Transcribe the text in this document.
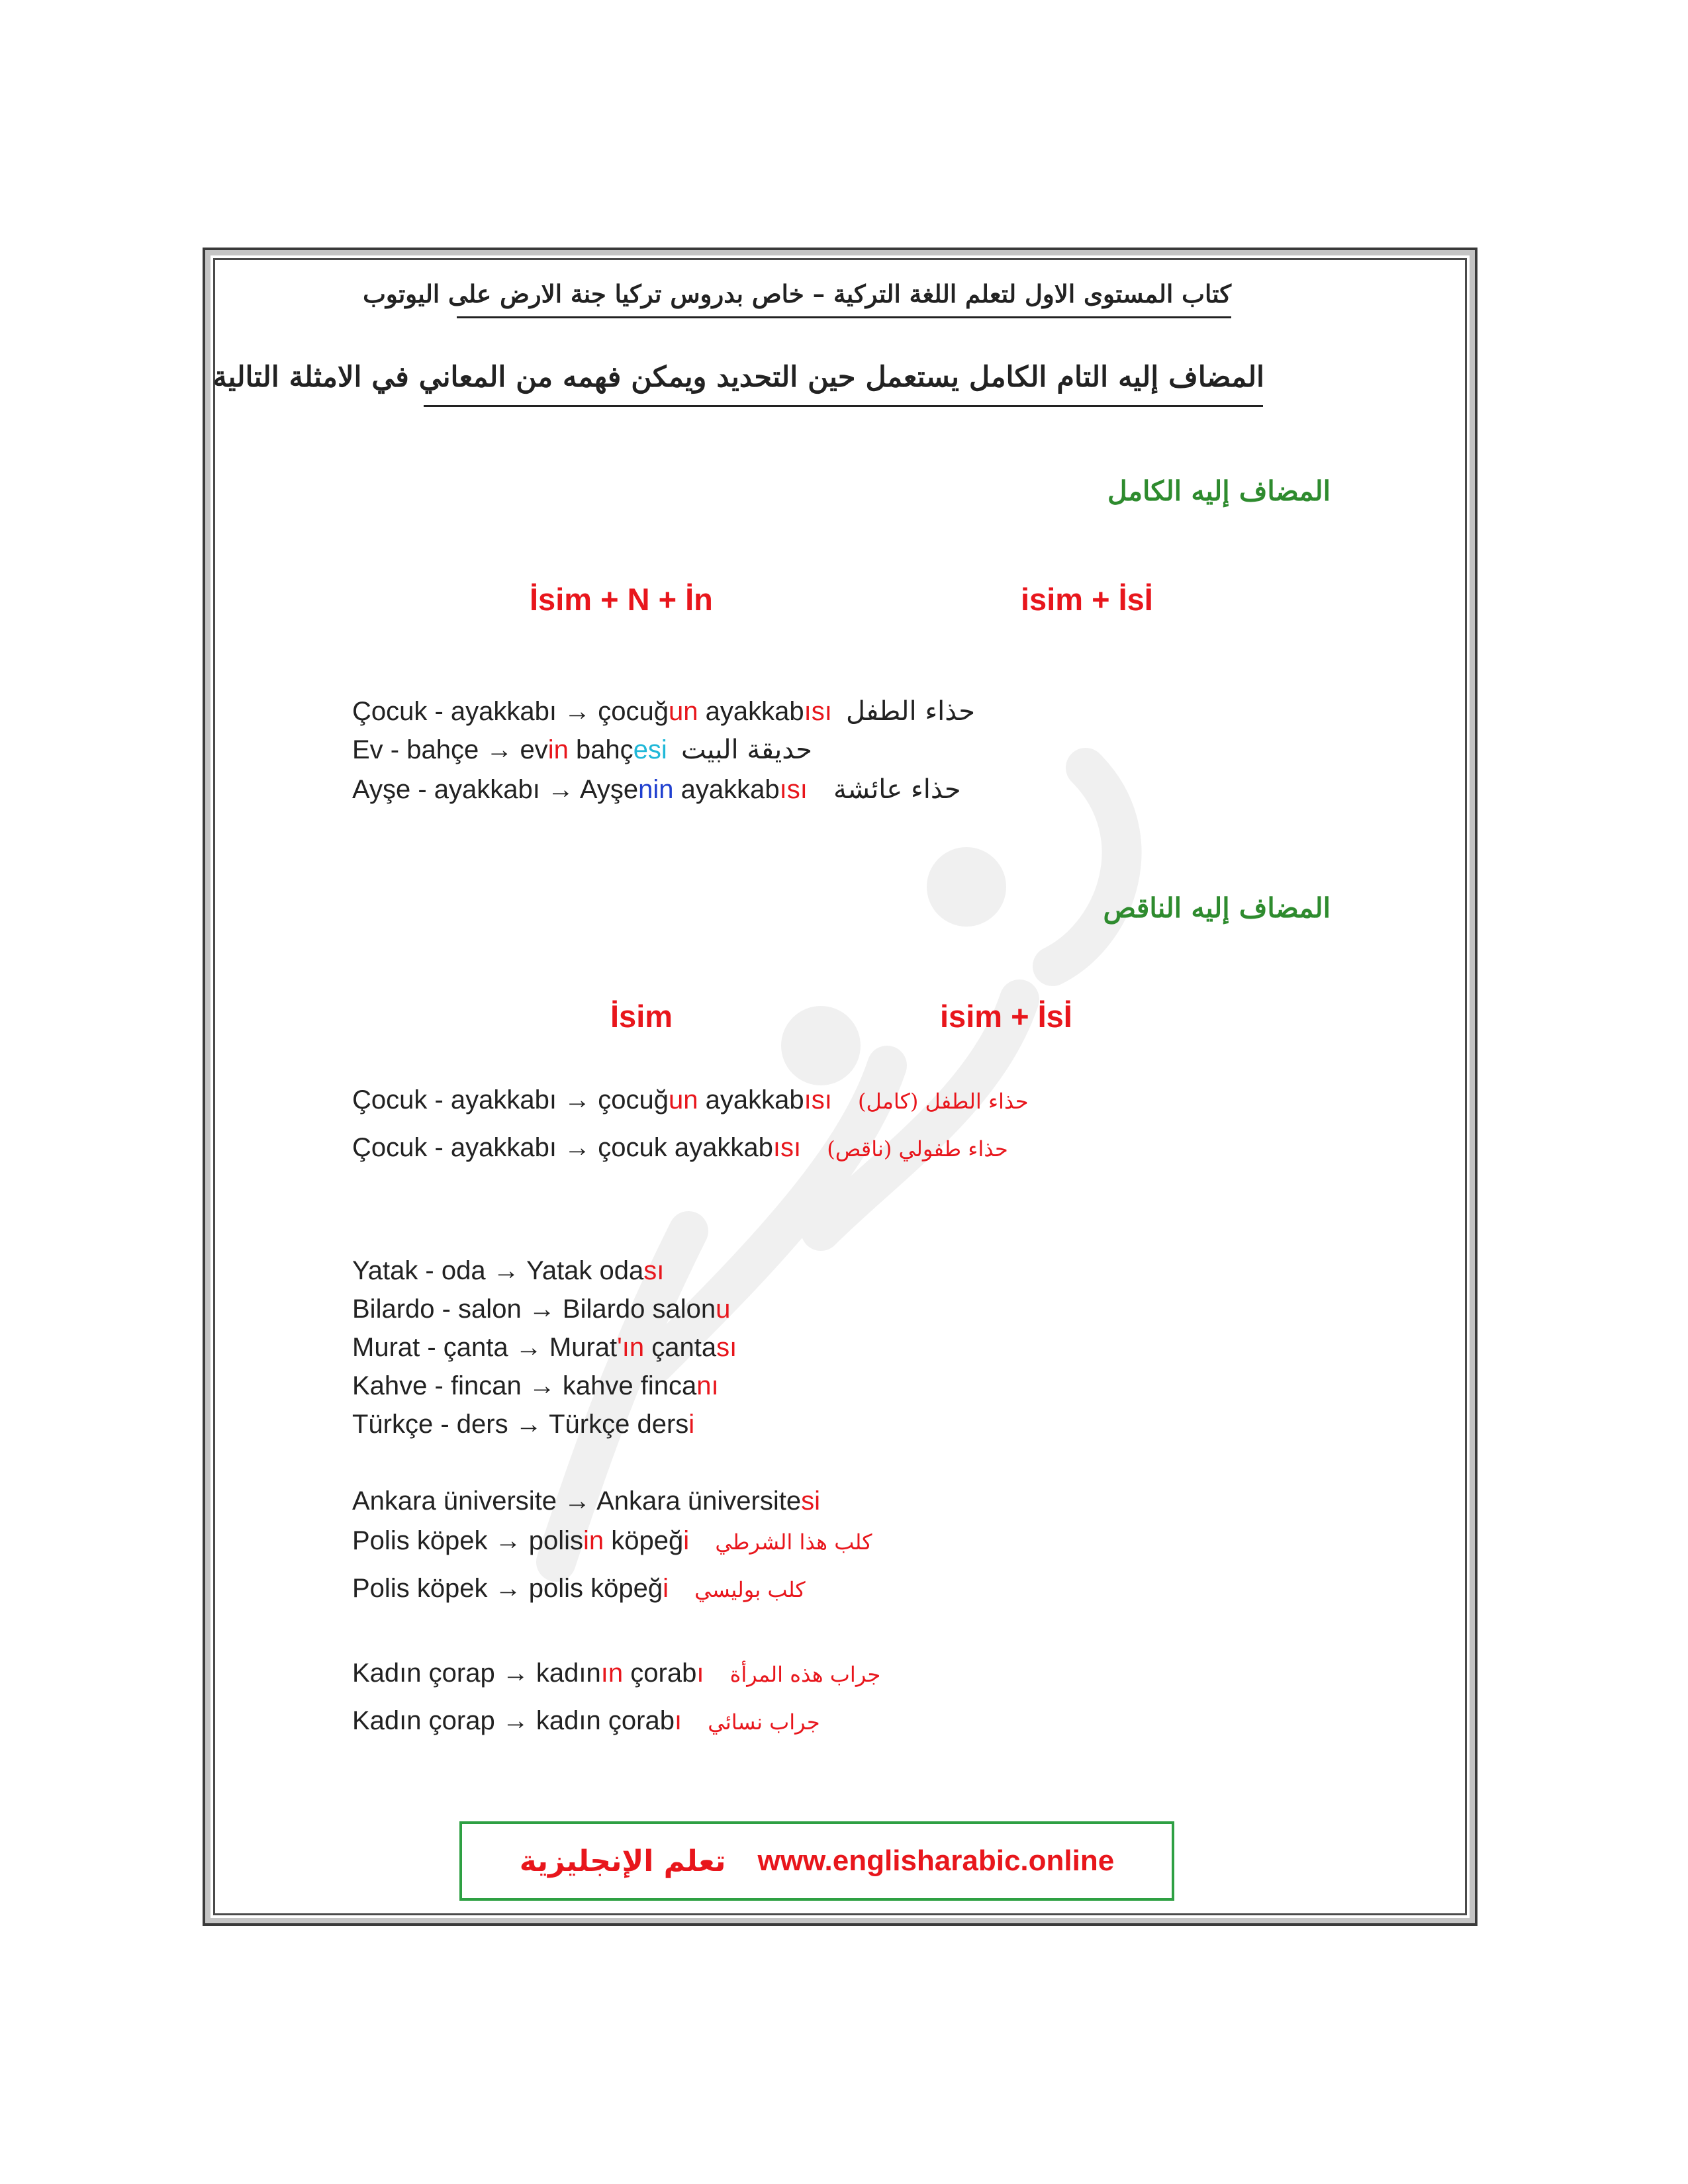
كتاب المستوى الاول لتعلم اللغة التركية – خاص بدروس تركيا جنة الارض على اليوتوب
المضاف إليه التام الكامل يستعمل حين التحديد ويمكن فهمه من المعاني في الامثلة التالية
المضاف إليه الكامل
İsim + N + İn	isim + İsİ
Çocuk - ayakkabı → çocuğun ayakkabısı حذاء الطفل
Ev - bahçe → evin bahçesi حديقة البيت
Ayşe - ayakkabı → Ayşenin ayakkabısı حذاء عائشة
المضاف إليه الناقص
İsim	isim + İsİ
Çocuk - ayakkabı → çocuğun ayakkabısı حذاء الطفل (كامل)
Çocuk - ayakkabı → çocuk ayakkabısı حذاء طفولي (ناقص)
Yatak - oda → Yatak odası
Bilardo - salon → Bilardo salonu
Murat - çanta → Murat'ın çantası
Kahve - fincan → kahve fincanı
Türkçe - ders → Türkçe dersi
Ankara üniversite → Ankara üniversitesi
Polis köpek → polisin köpeği كلب هذا الشرطي
Polis köpek → polis köpeği كلب بوليسي
Kadın çorap → kadının çorabı جراب هذه المرأة
Kadın çorap → kadın çorabı جراب نسائي
تعلم الإنجليزية www.englisharabic.online
